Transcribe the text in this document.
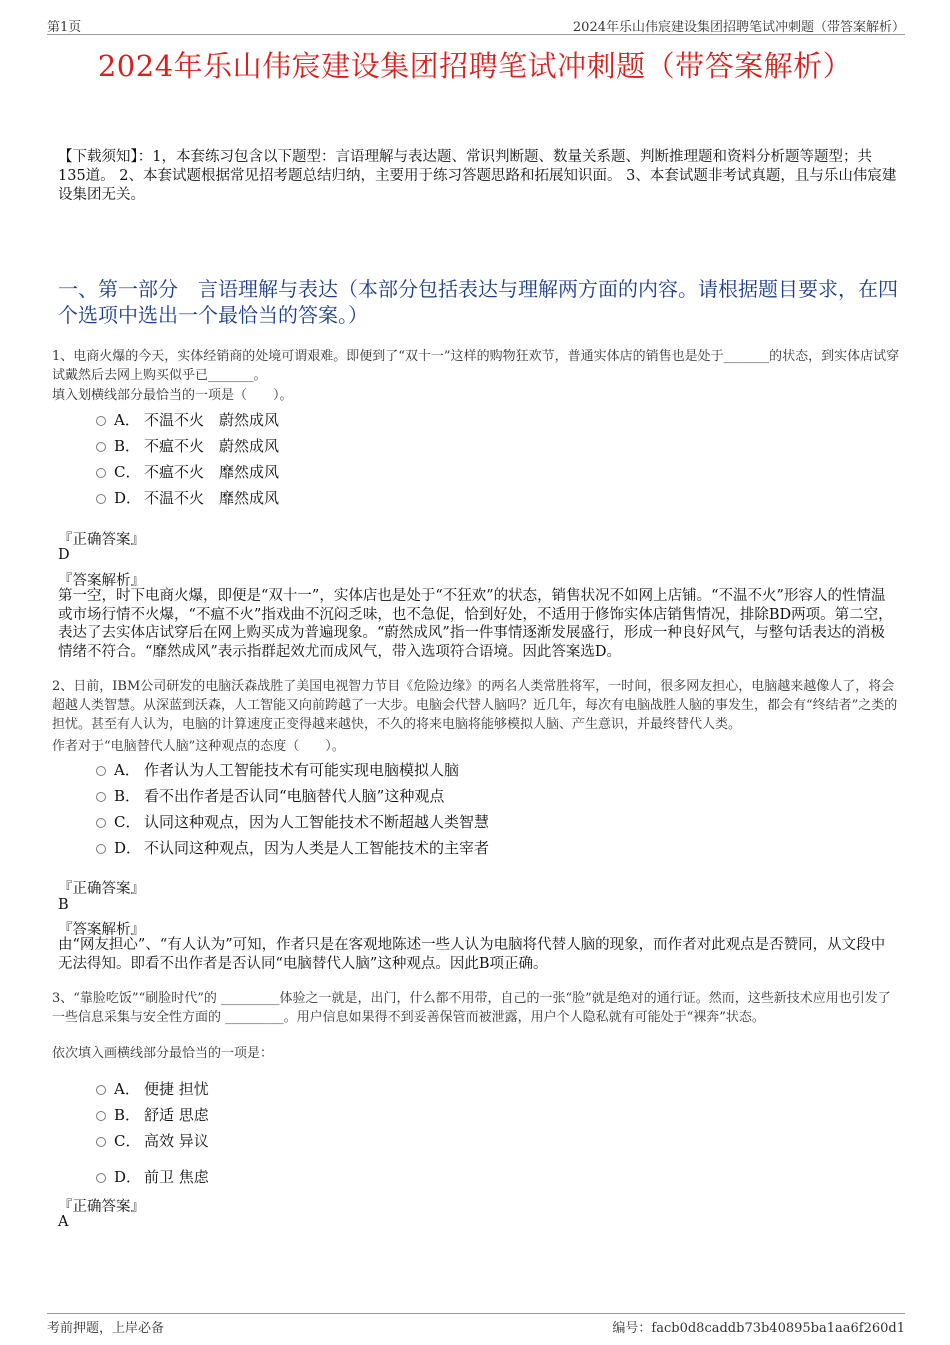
第1页	2024年乐山伟宸建设集团招聘笔试冲刺题（带答案解析）
2024年乐山伟宸建设集团招聘笔试冲刺题（带答案解析）
【下载须知】：1，本套练习包含以下题型：言语理解与表达题、常识判断题、数量关系题、判断推理题和资料分析题等题型；共135道。 2、本套试题根据常见招考题总结归纳，主要用于练习答题思路和拓展知识面。 3、本套试题非考试真题，且与乐山伟宸建设集团无关。
一、第一部分　言语理解与表达（本部分包括表达与理解两方面的内容。请根据题目要求，在四个选项中选出一个最恰当的答案。）
1、电商火爆的今天，实体经销商的处境可谓艰难。即便到了“双十一”这样的购物狂欢节，普通实体店的销售也是处于_______的状态，到实体店试穿试戴然后去网上购买似乎已_______。
填入划横线部分最恰当的一项是（　　）。
A． 不温不火　蔚然成风
B． 不瘟不火　蔚然成风
C． 不瘟不火　靡然成风
D． 不温不火　靡然成风
『正确答案』
D
『答案解析』
第一空，时下电商火爆，即便是“双十一”，实体店也是处于“不狂欢”的状态，销售状况不如网上店铺。“不温不火”形容人的性情温或市场行情不火爆，“不瘟不火”指戏曲不沉闷乏味，也不急促，恰到好处，不适用于修饰实体店销售情况，排除BD两项。第二空，表达了去实体店试穿后在网上购买成为普遍现象。“蔚然成风”指一件事情逐渐发展盛行，形成一种良好风气，与整句话表达的消极情绪不符合。“靡然成风”表示指群起效尤而成风气，带入选项符合语境。因此答案选D。
2、日前，IBM公司研发的电脑沃森战胜了美国电视智力节目《危险边缘》的两名人类常胜将军，一时间，很多网友担心，电脑越来越像人了，将会超越人类智慧。从深蓝到沃森，人工智能又向前跨越了一大步。电脑会代替人脑吗？近几年，每次有电脑战胜人脑的事发生，都会有“终结者”之类的担忧。甚至有人认为，电脑的计算速度正变得越来越快，不久的将来电脑将能够模拟人脑、产生意识，并最终替代人类。
作者对于“电脑替代人脑”这种观点的态度（　　）。
A． 作者认为人工智能技术有可能实现电脑模拟人脑
B． 看不出作者是否认同“电脑替代人脑”这种观点
C． 认同这种观点，因为人工智能技术不断超越人类智慧
D． 不认同这种观点，因为人类是人工智能技术的主宰者
『正确答案』
B
『答案解析』
由“网友担心”、“有人认为”可知，作者只是在客观地陈述一些人认为电脑将代替人脑的现象，而作者对此观点是否赞同，从文段中无法得知。即看不出作者是否认同“电脑替代人脑”这种观点。因此B项正确。
3、“靠脸吃饭”“刷脸时代”的 _________体验之一就是，出门，什么都不用带，自己的一张“脸”就是绝对的通行证。然而，这些新技术应用也引发了一些信息采集与安全性方面的 _________。用户信息如果得不到妥善保管而被泄露，用户个人隐私就有可能处于“裸奔”状态。
依次填入画横线部分最恰当的一项是：
A． 便捷 担忧
B． 舒适 思虑
C． 高效 异议
D． 前卫 焦虑
『正确答案』
A
考前押题，上岸必备	编号：facb0d8caddb73b40895ba1aa6f260d1
